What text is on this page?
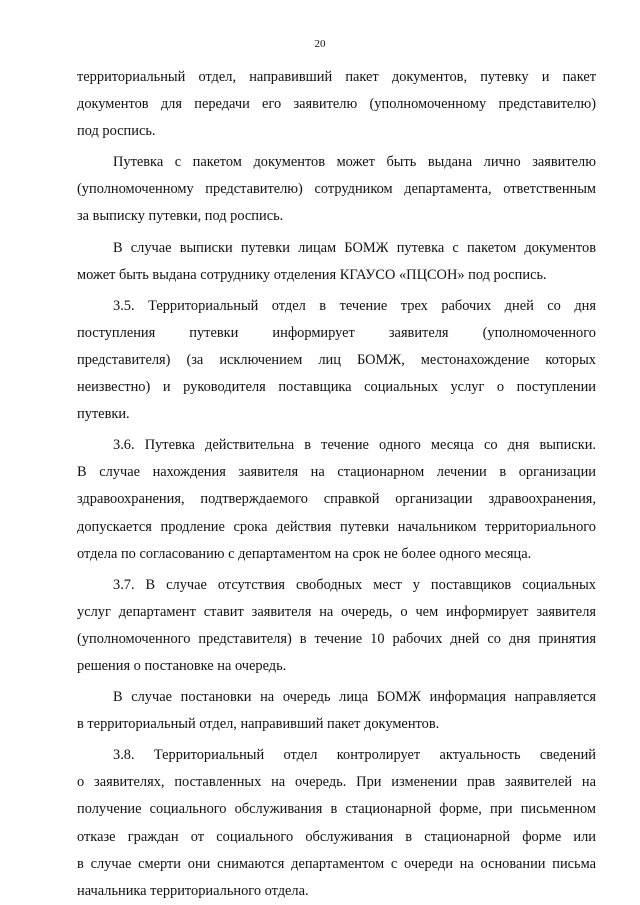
20
территориальный отдел, направивший пакет документов, путевку и пакет
документов для передачи его заявителю (уполномоченному представителю)
под роспись.
Путевка с пакетом документов может быть выдана лично заявителю
(уполномоченному представителю) сотрудником департамента, ответственным
за выписку путевки, под роспись.
В случае выписки путевки лицам БОМЖ путевка с пакетом документов
может быть выдана сотруднику отделения КГАУСО «ПЦСОН» под роспись.
3.5. Территориальный отдел в течение трех рабочих дней со дня
поступления путевки информирует заявителя (уполномоченного
представителя) (за исключением лиц БОМЖ, местонахождение которых
неизвестно) и руководителя поставщика социальных услуг о поступлении
путевки.
3.6. Путевка действительна в течение одного месяца со дня выписки.
В случае нахождения заявителя на стационарном лечении в организации
здравоохранения, подтверждаемого справкой организации здравоохранения,
допускается продление срока действия путевки начальником территориального
отдела по согласованию с департаментом на срок не более одного месяца.
3.7. В случае отсутствия свободных мест у поставщиков социальных
услуг департамент ставит заявителя на очередь, о чем информирует заявителя
(уполномоченного представителя) в течение 10 рабочих дней со дня принятия
решения о постановке на очередь.
В случае постановки на очередь лица БОМЖ информация направляется
в территориальный отдел, направивший пакет документов.
3.8. Территориальный отдел контролирует актуальность сведений
о заявителях, поставленных на очередь. При изменении прав заявителей на
получение социального обслуживания в стационарной форме, при письменном
отказе граждан от социального обслуживания в стационарной форме или
в случае смерти они снимаются департаментом с очереди на основании письма
начальника территориального отдела.
